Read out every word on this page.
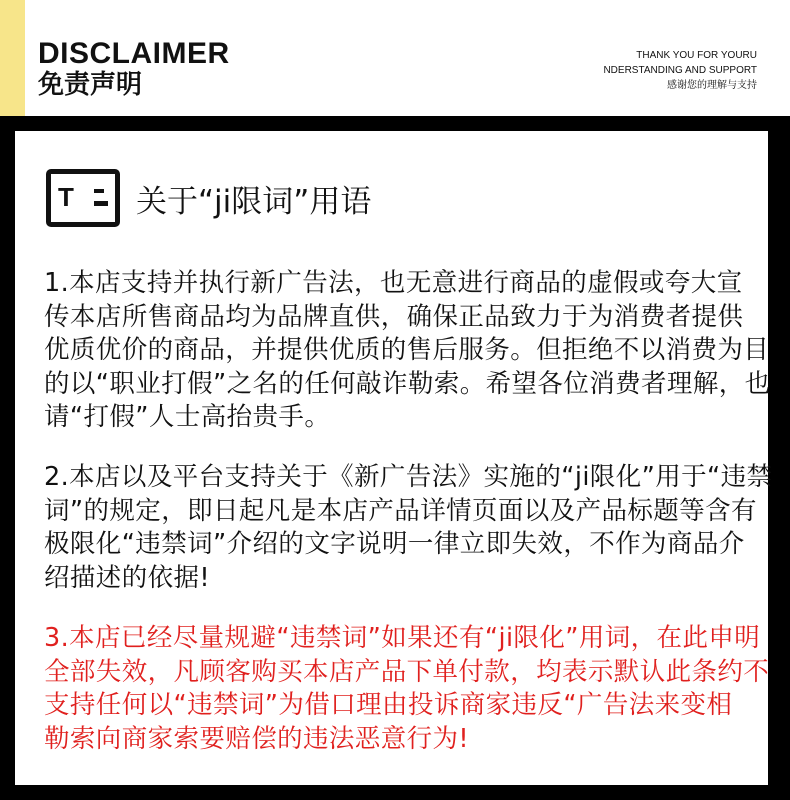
DISCLAIMER
免责声明
THANK YOU FOR YOURU
NDERSTANDING AND SUPPORT
感谢您的理解与支持
T 关于“ji限词”用语
1.本店支持并执行新广告法，也无意进行商品的虚假或夸大宣
传本店所售商品均为品牌直供，确保正品致力于为消费者提供
优质优价的商品，并提供优质的售后服务。但拒绝不以消费为目
的以“职业打假”之名的任何敲诈勒索。希望各位消费者理解，也
请“打假”人士高抬贵手。
2.本店以及平台支持关于《新广告法》实施的“ji限化”用于“违禁
词”的规定，即日起凡是本店产品详情页面以及产品标题等含有
极限化“违禁词”介绍的文字说明一律立即失效，不作为商品介
绍描述的依据!
3.本店已经尽量规避“违禁词”如果还有“ji限化”用词，在此申明
全部失效，凡顾客购买本店产品下单付款，均表示默认此条约不
支持任何以“违禁词”为借口理由投诉商家违反“广告法来变相
勒索向商家索要赔偿的违法恶意行为!
